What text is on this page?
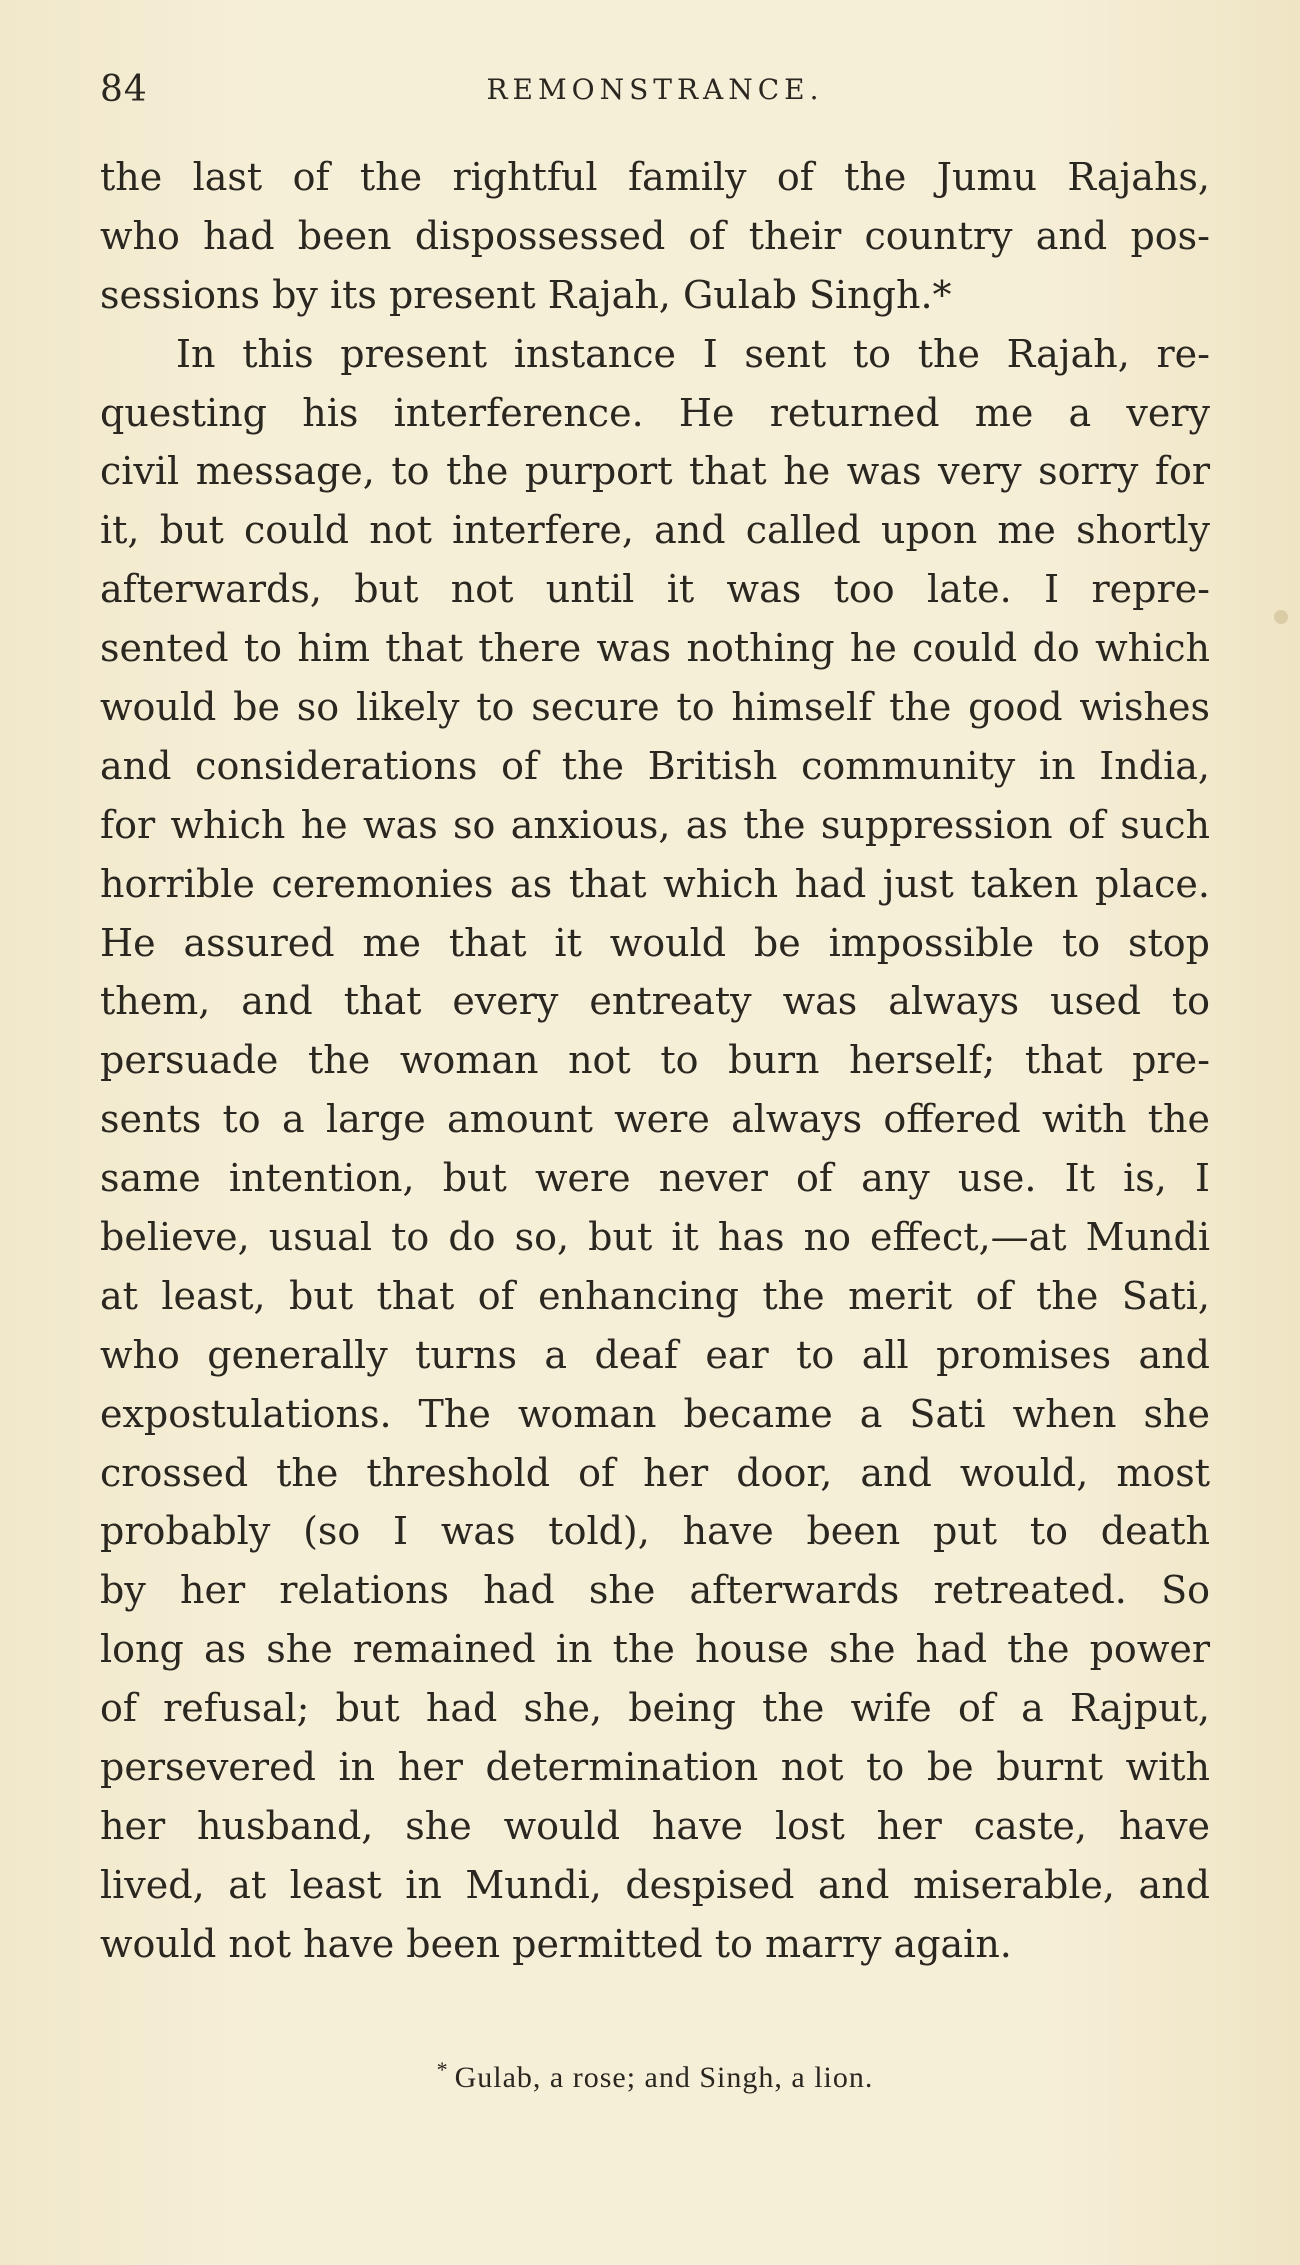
84	REMONSTRANCE.
the last of the rightful family of the Jumu Rajahs,
who had been dispossessed of their country and pos-
sessions by its present Rajah, Gulab Singh.*
In this present instance I sent to the Rajah, re-
questing his interference. He returned me a very
civil message, to the purport that he was very sorry for
it, but could not interfere, and called upon me shortly
afterwards, but not until it was too late. I repre-
sented to him that there was nothing he could do which
would be so likely to secure to himself the good wishes
and considerations of the British community in India,
for which he was so anxious, as the suppression of such
horrible ceremonies as that which had just taken place.
He assured me that it would be impossible to stop
them, and that every entreaty was always used to
persuade the woman not to burn herself; that pre-
sents to a large amount were always offered with the
same intention, but were never of any use. It is, I
believe, usual to do so, but it has no effect,—at Mundi
at least, but that of enhancing the merit of the Sati,
who generally turns a deaf ear to all promises and
expostulations. The woman became a Sati when she
crossed the threshold of her door, and would, most
probably (so I was told), have been put to death
by her relations had she afterwards retreated. So
long as she remained in the house she had the power
of refusal; but had she, being the wife of a Rajput,
persevered in her determination not to be burnt with
her husband, she would have lost her caste, have
lived, at least in Mundi, despised and miserable, and
would not have been permitted to marry again.
* Gulab, a rose; and Singh, a lion.
